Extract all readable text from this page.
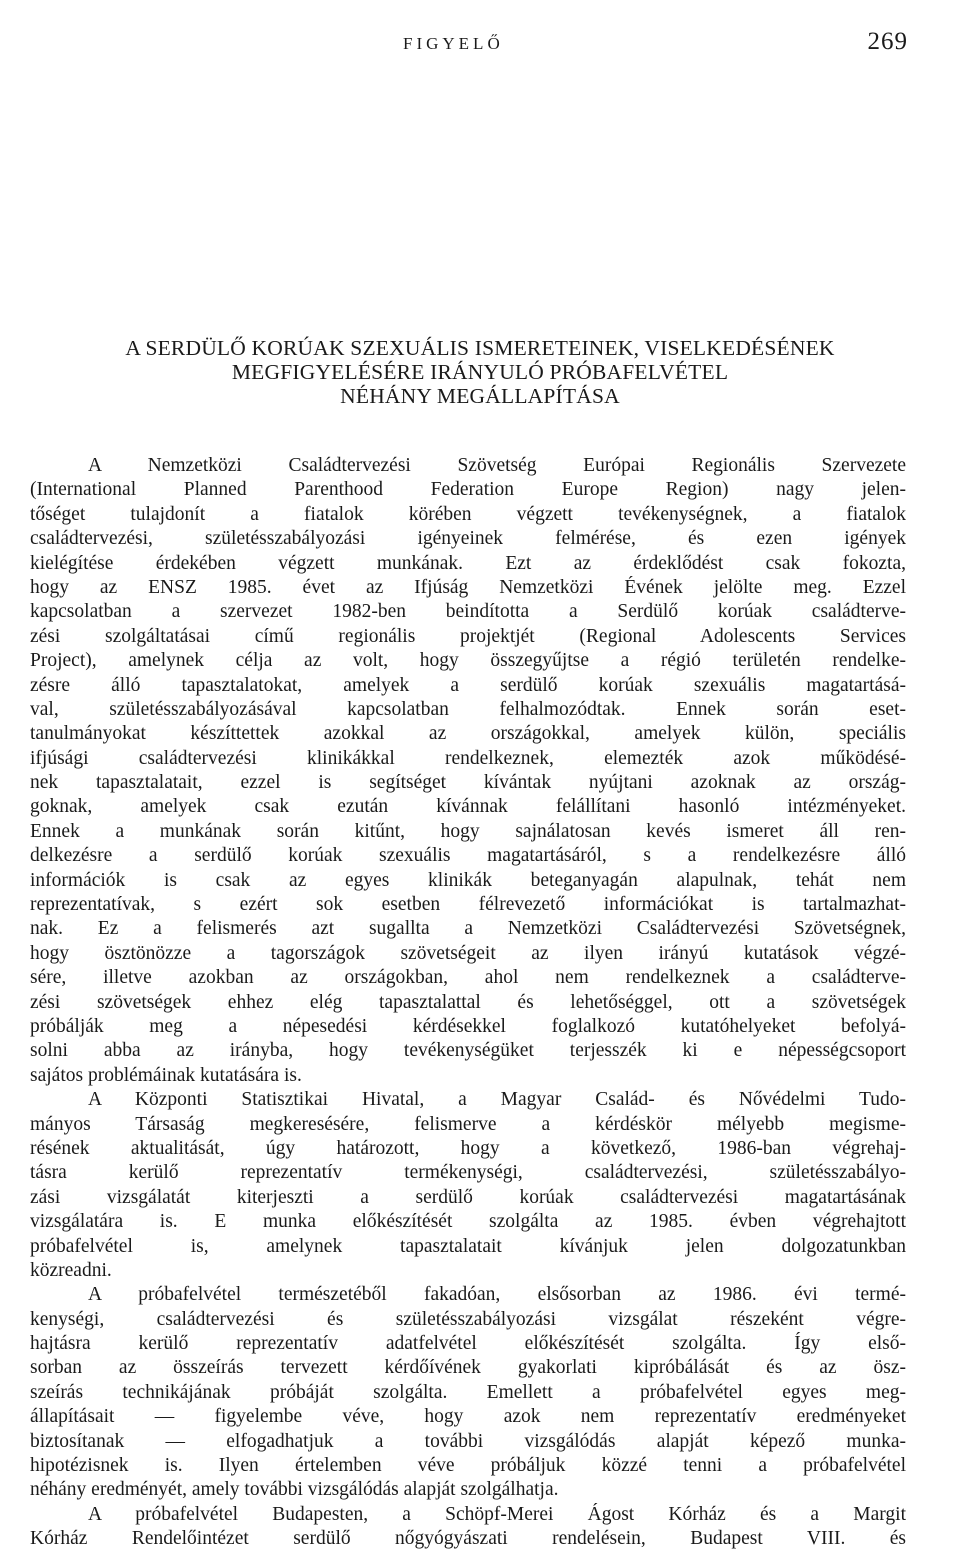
FIGYELŐ	269
A SERDÜLŐ KORÚAK SZEXUÁLIS ISMERETEINEK, VISELKEDÉSÉNEK
MEGFIGYELÉSÉRE IRÁNYULÓ PRÓBAFELVÉTEL
NÉHÁNY MEGÁLLAPÍTÁSA
A Nemzetközi Családtervezési Szövetség Európai Regionális Szervezete
(International Planned Parenthood Federation Europe Region) nagy jelen-
tőséget tulajdonít a fiatalok körében végzett tevékenységnek, a fiatalok
családtervezési, születésszabályozási igényeinek felmérése, és ezen igények
kielégítése érdekében végzett munkának. Ezt az érdeklődést csak fokozta,
hogy az ENSZ 1985. évet az Ifjúság Nemzetközi Évének jelölte meg. Ezzel
kapcsolatban a szervezet 1982-ben beindította a Serdülő korúak családterve-
zési szolgáltatásai című regionális projektjét (Regional Adolescents Services
Project), amelynek célja az volt, hogy összegyűjtse a régió területén rendelke-
zésre álló tapasztalatokat, amelyek a serdülő korúak szexuális magatartásá-
val, születésszabályozásával kapcsolatban felhalmozódtak. Ennek során eset-
tanulmányokat készíttettek azokkal az országokkal, amelyek külön, speciális
ifjúsági családtervezési klinikákkal rendelkeznek, elemezték azok működésé-
nek tapasztalatait, ezzel is segítséget kívántak nyújtani azoknak az ország-
goknak, amelyek csak ezután kívánnak felállítani hasonló intézményeket.
Ennek a munkának során kitűnt, hogy sajnálatosan kevés ismeret áll ren-
delkezésre a serdülő korúak szexuális magatartásáról, s a rendelkezésre álló
információk is csak az egyes klinikák beteganyagán alapulnak, tehát nem
reprezentatívak, s ezért sok esetben félrevezető információkat is tartalmazhat-
nak. Ez a felismerés azt sugallta a Nemzetközi Családtervezési Szövetségnek,
hogy ösztönözze a tagországok szövetségeit az ilyen irányú kutatások végzé-
sére, illetve azokban az országokban, ahol nem rendelkeznek a családterve-
zési szövetségek ehhez elég tapasztalattal és lehetőséggel, ott a szövetségek
próbálják meg a népesedési kérdésekkel foglalkozó kutatóhelyeket befolyá-
solni abba az irányba, hogy tevékenységüket terjesszék ki e népességcsoport
sajátos problémáinak kutatására is.
A Központi Statisztikai Hivatal, a Magyar Család- és Nővédelmi Tudo-
mányos Társaság megkeresésére, felismerve a kérdéskör mélyebb megisme-
résének aktualitását, úgy határozott, hogy a következő, 1986-ban végrehaj-
tásra kerülő reprezentatív termékenységi, családtervezési, születésszabályo-
zási vizsgálatát kiterjeszti a serdülő korúak családtervezési magatartásának
vizsgálatára is. E munka előkészítését szolgálta az 1985. évben végrehajtott
próbafelvétel is, amelynek tapasztalatait kívánjuk jelen dolgozatunkban
közreadni.
A próbafelvétel természetéből fakadóan, elsősorban az 1986. évi termé-
kenységi, családtervezési és születésszabályozási vizsgálat részeként végre-
hajtásra kerülő reprezentatív adatfelvétel előkészítését szolgálta. Így első-
sorban az összeírás tervezett kérdőívének gyakorlati kipróbálását és az ösz-
szeírás technikájának próbáját szolgálta. Emellett a próbafelvétel egyes meg-
állapításait — figyelembe véve, hogy azok nem reprezentatív eredményeket
biztosítanak — elfogadhatjuk a további vizsgálódás alapját képező munka-
hipotézisnek is. Ilyen értelemben véve próbáljuk közzé tenni a próbafelvétel
néhány eredményét, amely további vizsgálódás alapját szolgálhatja.
A próbafelvétel Budapesten, a Schöpf-Merei Ágost Kórház és a Margit
Kórház Rendelőintézet serdülő nőgyógyászati rendelésein, Budapest VIII. és
